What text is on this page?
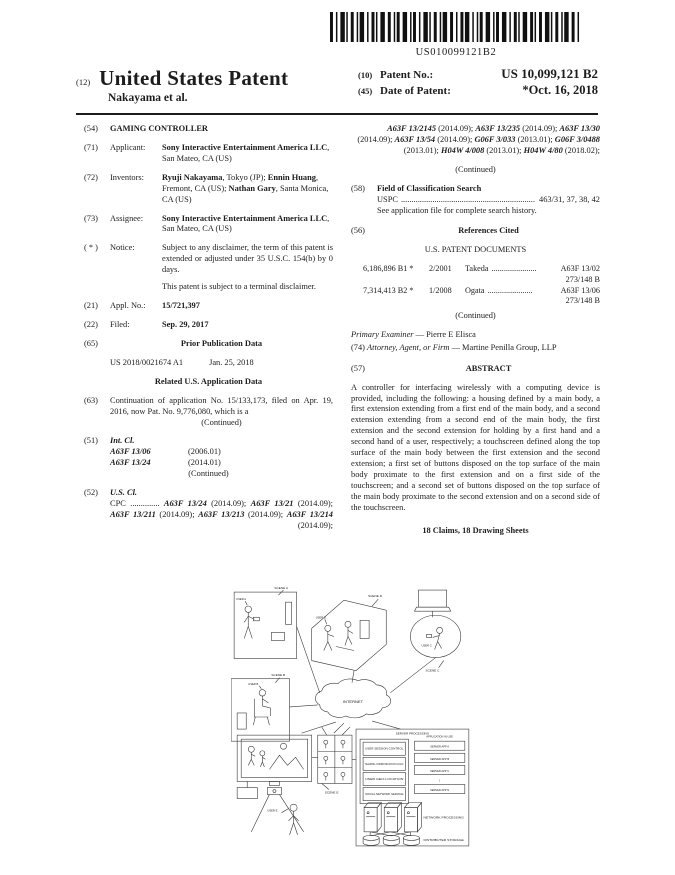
US010099121B2
(12) United States Patent
Nakayama et al.
(10) Patent No.:	US 10,099,121 B2
(45) Date of Patent:	*Oct. 16, 2018
(54)	GAMING CONTROLLER
(71)	Applicant:	Sony Interactive Entertainment America LLC, San Mateo, CA (US)
(72)	Inventors:	Ryuji Nakayama, Tokyo (JP); Ennin Huang, Fremont, CA (US); Nathan Gary, Santa Monica, CA (US)
(73)	Assignee:	Sony Interactive Entertainment America LLC, San Mateo, CA (US)
( * )	Notice:	Subject to any disclaimer, the term of this patent is extended or adjusted under 35 U.S.C. 154(b) by 0 days.
This patent is subject to a terminal disclaimer.
(21)	Appl. No.:	15/721,397
(22)	Filed:	Sep. 29, 2017
(65)	Prior Publication Data
US 2018/0021674 A1	Jan. 25, 2018
Related U.S. Application Data
(63)	Continuation of application No. 15/133,173, filed on Apr. 19, 2016, now Pat. No. 9,776,080, which is a
(Continued)
(51)	Int. Cl.
A63F 13/06	(2006.01)
A63F 13/24	(2014.01)
(Continued)
(52)	U.S. Cl.
CPC .............. A63F 13/24 (2014.09); A63F 13/21 (2014.09); A63F 13/211 (2014.09); A63F 13/213 (2014.09); A63F 13/214 (2014.09);
A63F 13/2145 (2014.09); A63F 13/235 (2014.09); A63F 13/30 (2014.09); A63F 13/54 (2014.09); G06F 3/033 (2013.01); G06F 3/0488 (2013.01); H04W 4/008 (2013.01); H04W 4/80 (2018.02);
(Continued)
(58)	Field of Classification Search
USPC ................................................................ 463/31, 37, 38, 42
See application file for complete search history.
(56)	References Cited
U.S. PATENT DOCUMENTS
6,186,896 B1 *	2/2001	Takeda ......................	A63F 13/02
273/148 B
7,314,413 B2 *	1/2008	Ogata ......................	A63F 13/06
273/148 B
(Continued)
Primary Examiner — Pierre E Elisca
(74) Attorney, Agent, or Firm — Martine Penilla Group, LLP
(57)	ABSTRACT
A controller for interfacing wirelessly with a computing device is provided, including the following: a housing defined by a main body, a first extension extending from a first end of the main body, and a second extension extending from a second end of the main body, the first extension and the second extension for holding by a first hand and a second hand of a user, respectively; a touchscreen defined along the top surface of the main body between the first extension and the second extension; a first set of buttons disposed on the top surface of the main body proximate to the first extension and on a first side of the touchscreen; and a second set of buttons disposed on the top surface of the main body proximate to the second extension and on a second side of the touchscreen.
18 Claims, 18 Drawing Sheets
USER A
SCENE A
USER B
SCENE B
USER D
SCENE D
USER C
SCENE C
INTERNET
USER E
SCENE E
SERVER PROCESSING
USER SESSION CONTROL
SHARING COMMUNICATION LOGIC
USER GEO-LOCATION
SOCIAL NETWORK SERVICE
APPLICATION IN USE
SERVER APP A
SERVER APP B
SERVER APP C
⋮
SERVER APP N
NETWORK PROCESSING
DISTRIBUTED STORAGE
